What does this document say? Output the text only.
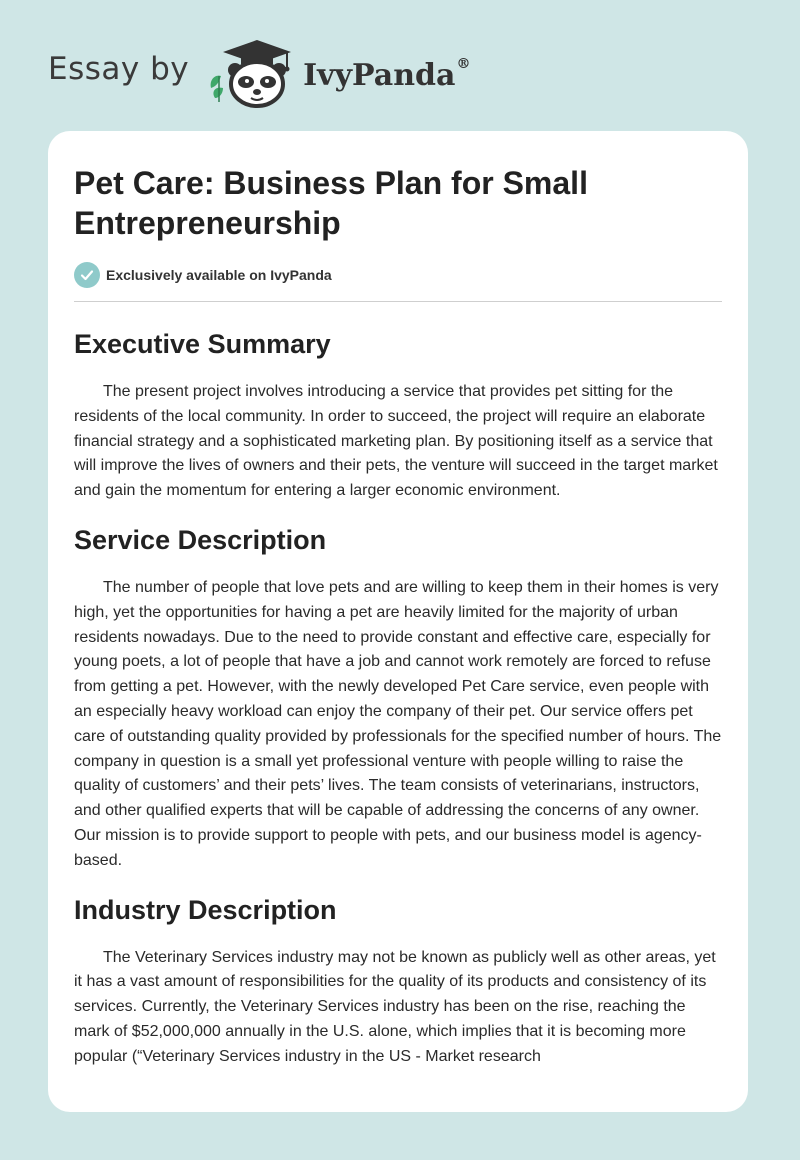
Essay by	IvyPanda®
Pet Care: Business Plan for Small Entrepreneurship
Exclusively available on IvyPanda
Executive Summary

The present project involves introducing a service that provides pet sitting for the residents of the local community. In order to succeed, the project will require an elaborate financial strategy and a sophisticated marketing plan. By positioning itself as a service that will improve the lives of owners and their pets, the venture will succeed in the target market and gain the momentum for entering a larger economic environment.

Service Description

The number of people that love pets and are willing to keep them in their homes is very high, yet the opportunities for having a pet are heavily limited for the majority of urban residents nowadays. Due to the need to provide constant and effective care, especially for young poets, a lot of people that have a job and cannot work remotely are forced to refuse from getting a pet. However, with the newly developed Pet Care service, even people with an especially heavy workload can enjoy the company of their pet. Our service offers pet care of outstanding quality provided by professionals for the specified number of hours. The company in question is a small yet professional venture with people willing to raise the quality of customers’ and their pets’ lives. The team consists of veterinarians, instructors, and other qualified experts that will be capable of addressing the concerns of any owner. Our mission is to provide support to people with pets, and our business model is agency-based.

Industry Description

The Veterinary Services industry may not be known as publicly well as other areas, yet it has a vast amount of responsibilities for the quality of its products and consistency of its services. Currently, the Veterinary Services industry has been on the rise, reaching the mark of $52,000,000 annually in the U.S. alone, which implies that it is becoming more popular (“Veterinary Services industry in the US - Market research
